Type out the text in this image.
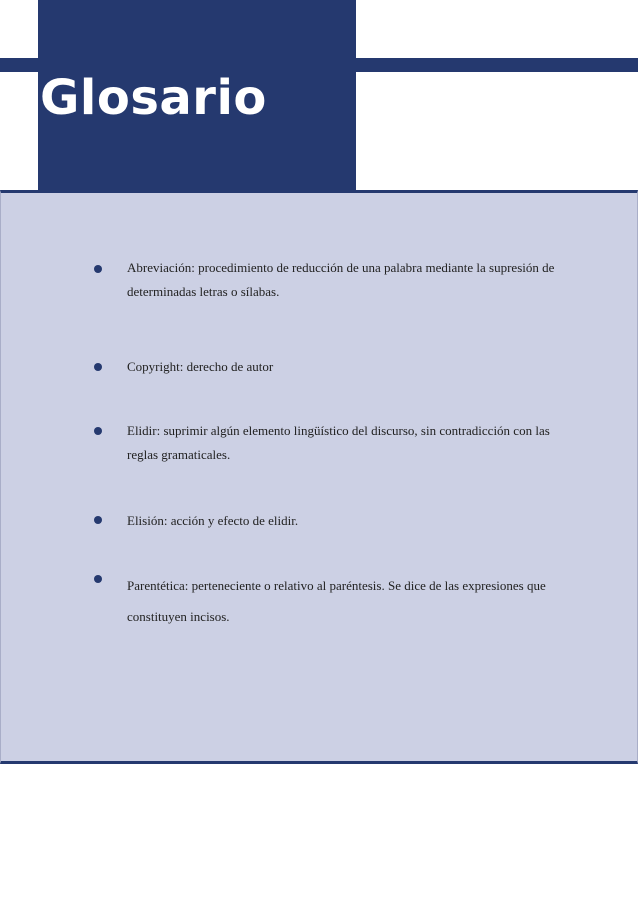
Glosario
Abreviación: procedimiento de reducción de una palabra mediante la supresión de determinadas letras o sílabas.
Copyright: derecho de autor
Elidir: suprimir algún elemento lingüístico del discurso, sin contradicción con las reglas gramaticales.
Elisión: acción y efecto de elidir.
Parentética: perteneciente o relativo al paréntesis. Se dice de las expresiones que constituyen incisos.
